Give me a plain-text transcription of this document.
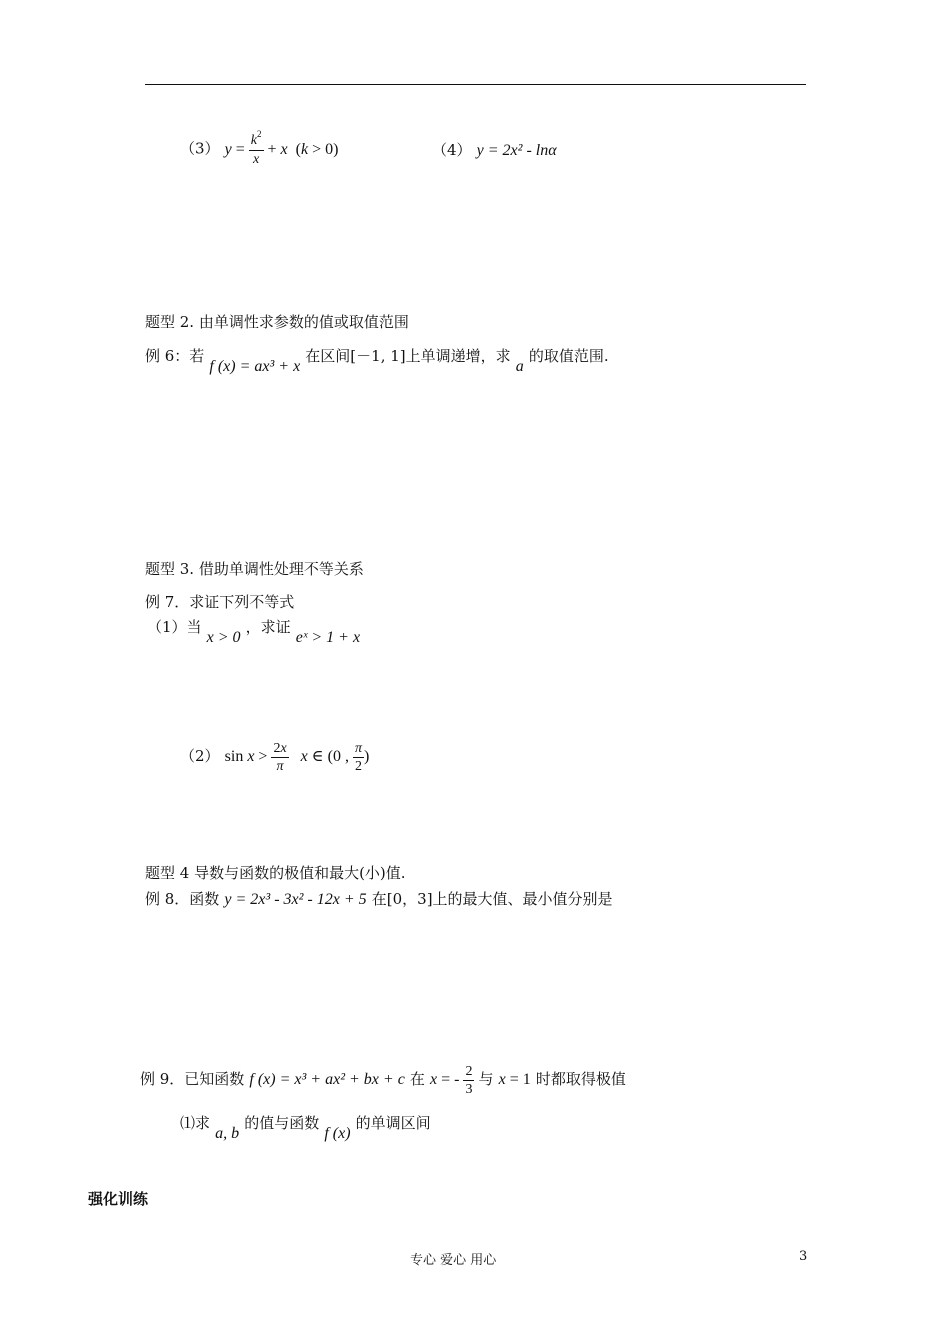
（3） $y = \frac{k^2}{x} + x$  (k > 0)	（4） y = 2x² - lnα
题型 2. 由单调性求参数的值或取值范围
例 6：若 f (x) = ax³ + x 在区间[－1, 1]上单调递增，求 a 的取值范围.
题型 3. 借助单调性处理不等关系
例 7．求证下列不等式
（1）当 x > 0 ，求证 eˣ > 1 + x
（2） $\sin x > \frac{2x}{\pi}$ x ∈ (0 , $\frac{\pi}{2}$ )
题型 4 导数与函数的极值和最大(小)值.
例 8．函数 y = 2x³ - 3x² - 12x + 5 在[0，3]上的最大值、最小值分别是
例 9．已知函数 f (x) = x³ + ax² + bx + c 在 x = - $\frac{2}{3}$ 与 x = 1 时都取得极值
⑴求 a, b 的值与函数 f (x) 的单调区间
强化训练
专心 爱心 用心	3
